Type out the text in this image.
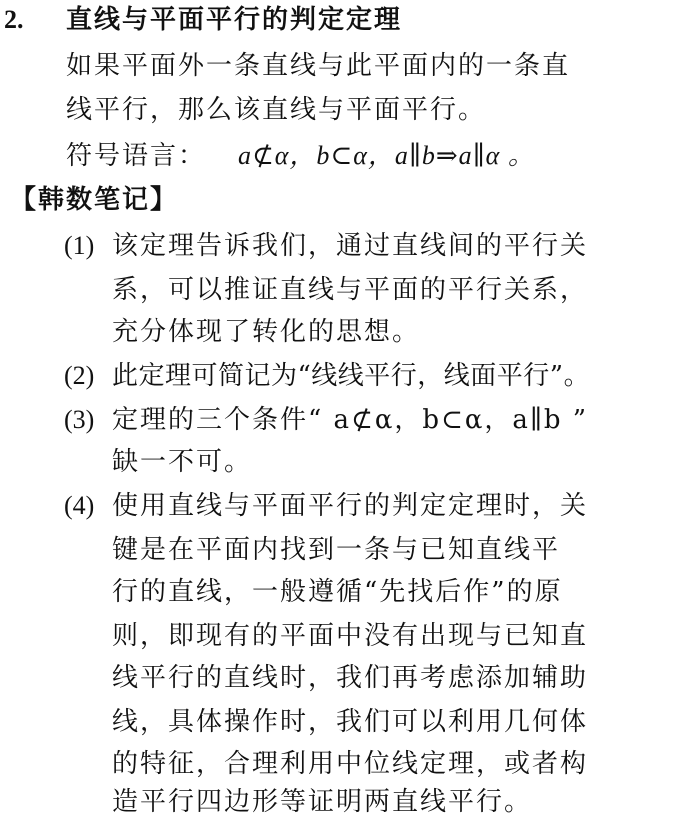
2. 直线与平面平行的判定定理
如果平面外一条直线与此平面内的一条直
线平行，那么该直线与平面平行。
符号语言： a⊄α，b⊂α，a∥b⇒a∥α 。
【韩数笔记】
(1) 该定理告诉我们，通过直线间的平行关
系，可以推证直线与平面的平行关系，
充分体现了转化的思想。
(2) 此定理可简记为“线线平行，线面平行”。
(3) 定理的三个条件“ a⊄α，b⊂α，a∥b ”
缺一不可。
(4) 使用直线与平面平行的判定定理时，关
键是在平面内找到一条与已知直线平
行的直线，一般遵循“先找后作”的原
则，即现有的平面中没有出现与已知直
线平行的直线时，我们再考虑添加辅助
线，具体操作时，我们可以利用几何体
的特征，合理利用中位线定理，或者构
造平行四边形等证明两直线平行。
